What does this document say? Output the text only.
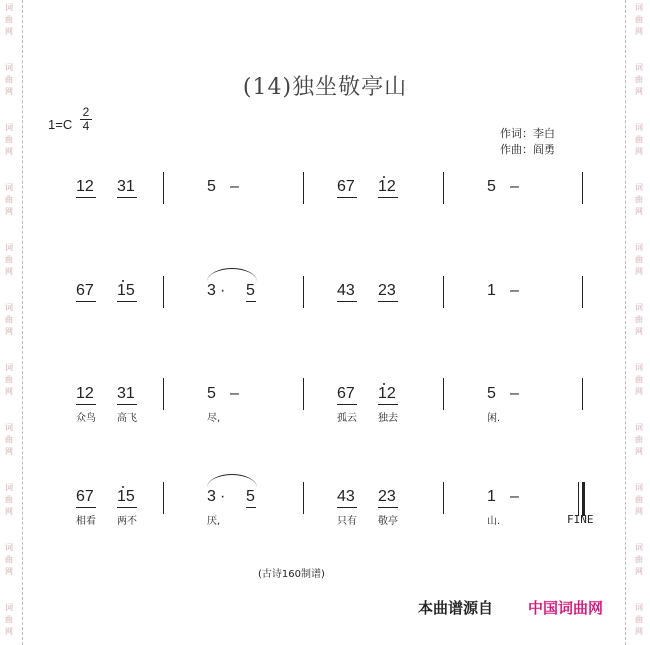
词曲网
词曲网
词曲网
词曲网
词曲网
词曲网
词曲网
词曲网
词曲网
词曲网
词曲网
词曲网
词曲网
词曲网
词曲网
词曲网
词曲网
词曲网
词曲网
词曲网
词曲网
词曲网
(14)独坐敬亭山
1=C
2
4
作词：李白
作曲：阎勇
12 31	5 –	67 12	5 –
67 15	3 · 5	43 23	1 –
12 31	5 –	67 12	5 –
众鸟 高飞	尽,	孤云 独去	闲.
67 15	3 · 5	43 23	1 –
FINE
相看 两不	厌,	只有 敬亭	山.
(古诗160制谱)
本曲谱源自 中国词曲网
